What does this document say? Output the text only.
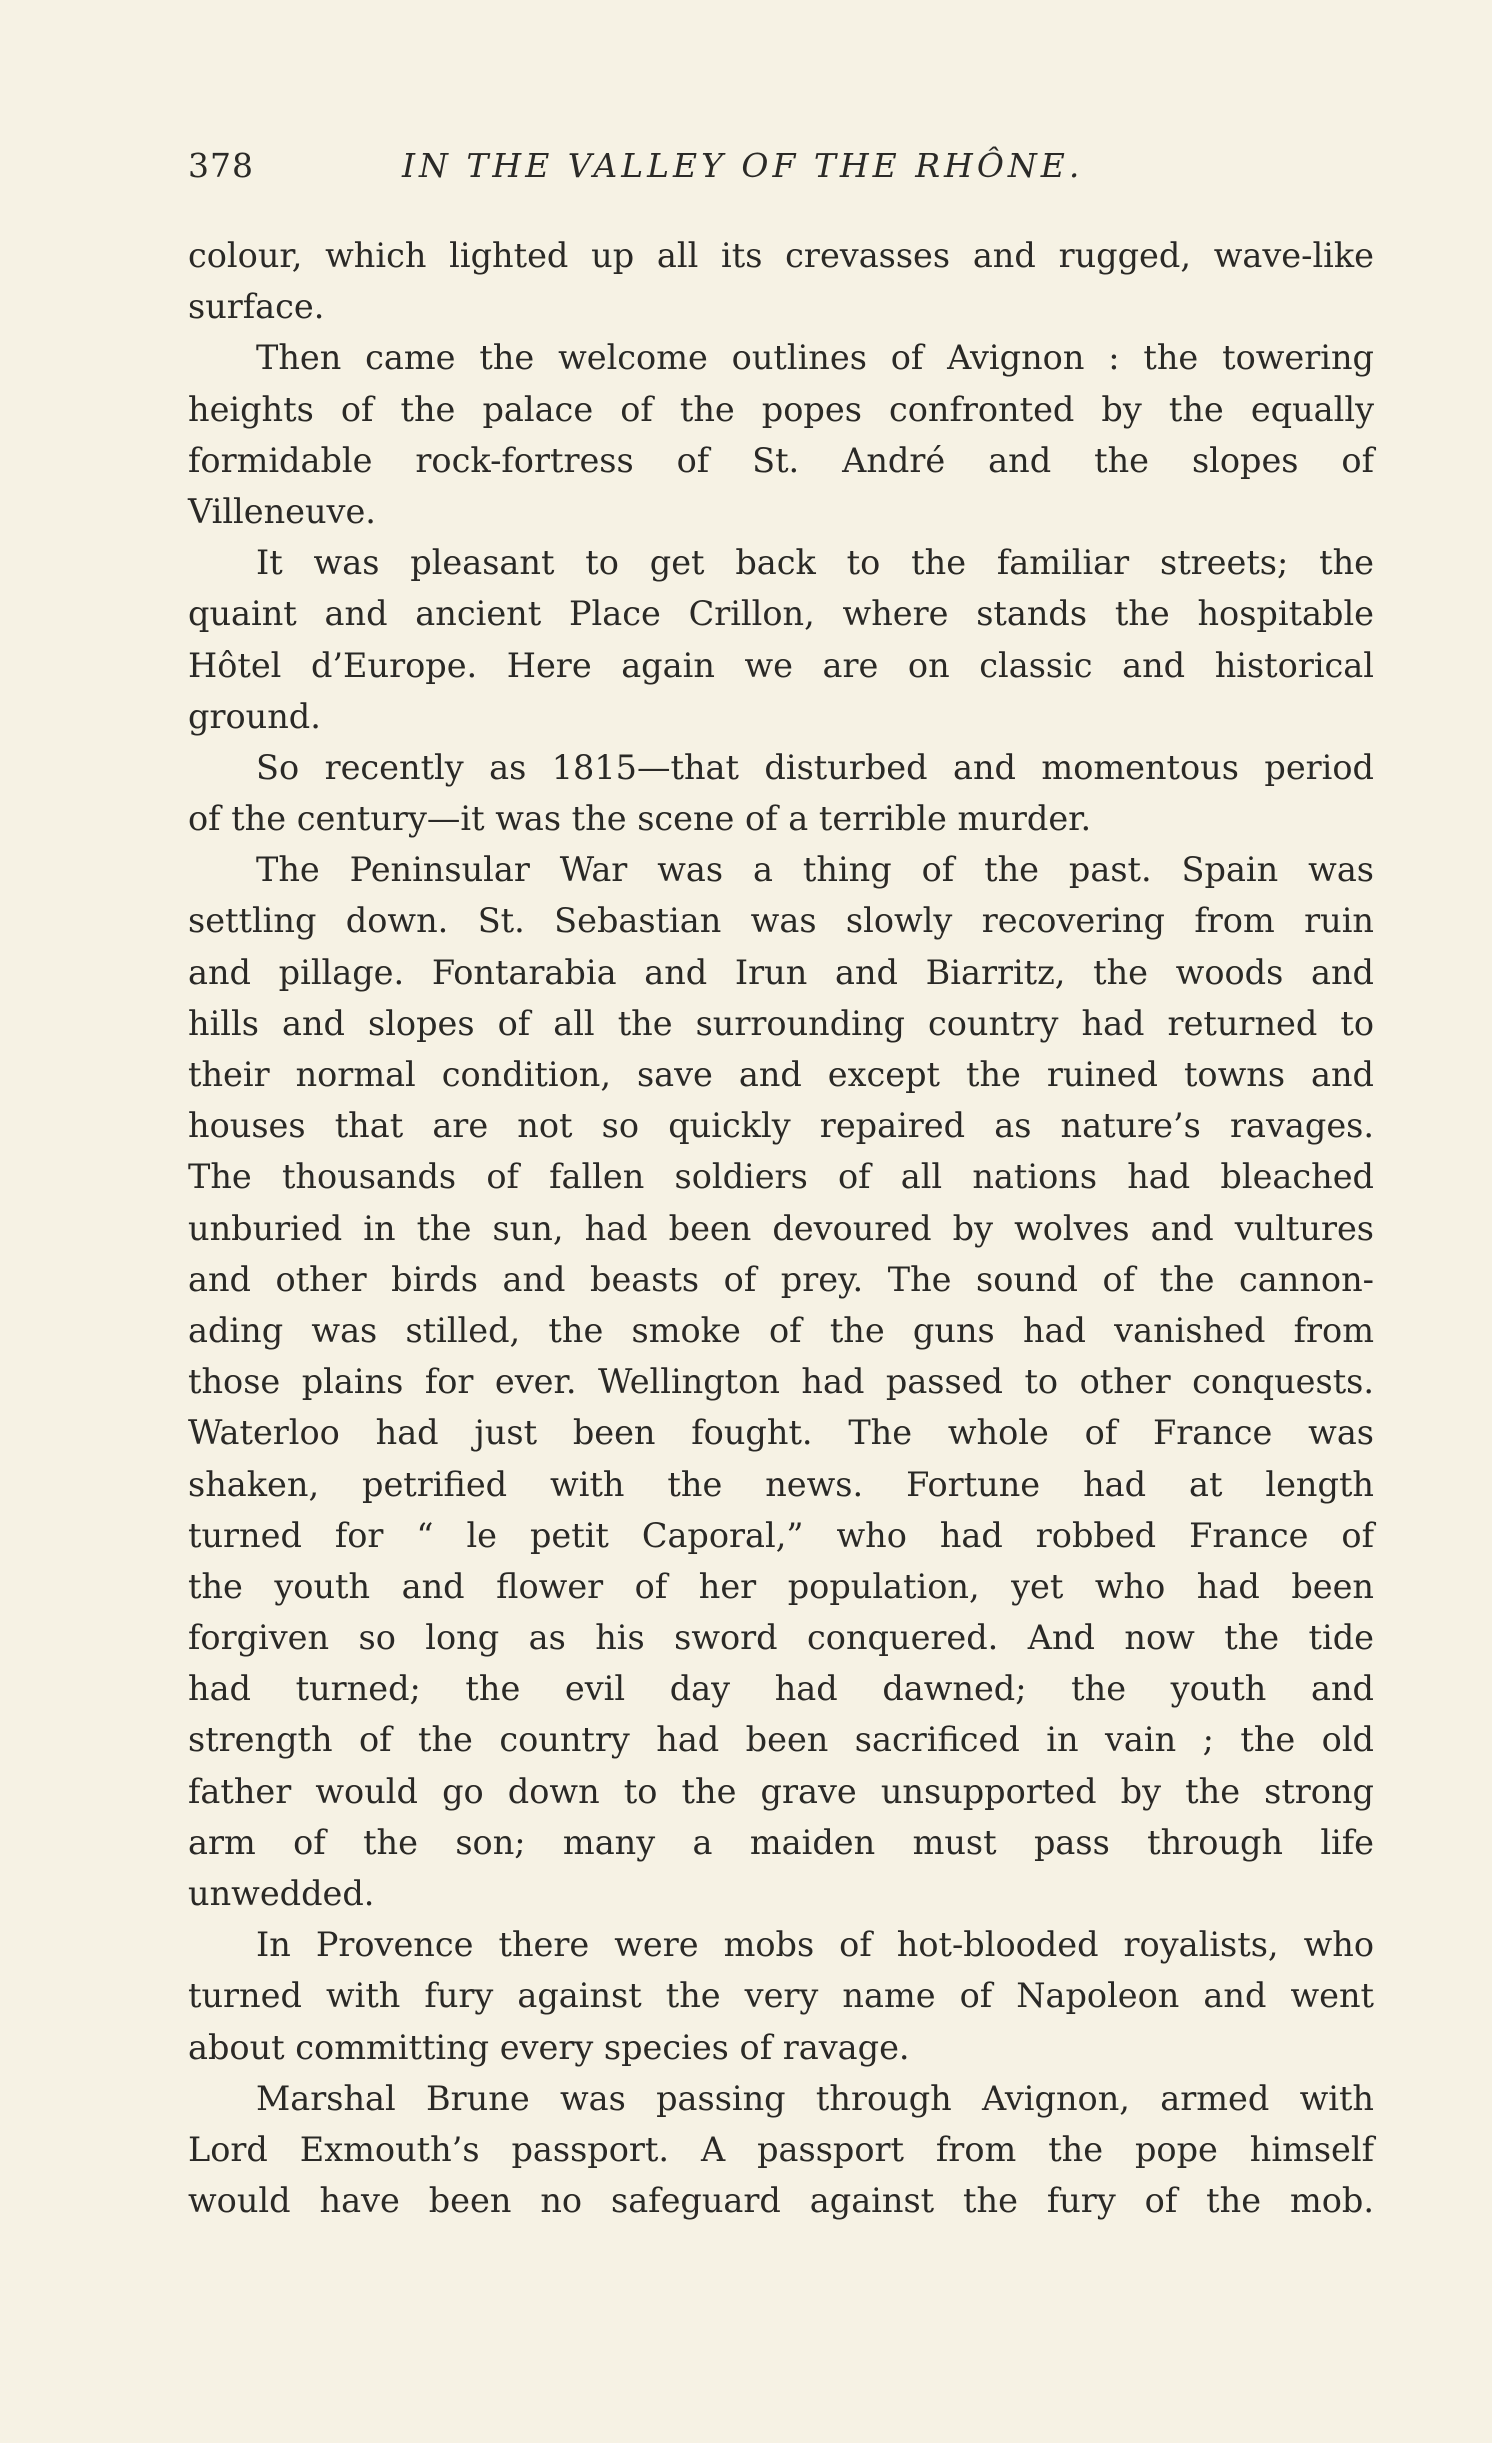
378	IN THE VALLEY OF THE RHÔNE.
colour, which lighted up all its crevasses and rugged, wave-like
surface.
Then came the welcome outlines of Avignon : the towering
heights of the palace of the popes confronted by the equally
formidable rock-fortress of St. André and the slopes of
Villeneuve.
It was pleasant to get back to the familiar streets; the
quaint and ancient Place Crillon, where stands the hospitable
Hôtel d’Europe. Here again we are on classic and historical
ground.
So recently as 1815—that disturbed and momentous period
of the century—it was the scene of a terrible murder.
The Peninsular War was a thing of the past. Spain was
settling down. St. Sebastian was slowly recovering from ruin
and pillage. Fontarabia and Irun and Biarritz, the woods and
hills and slopes of all the surrounding country had returned to
their normal condition, save and except the ruined towns and
houses that are not so quickly repaired as nature’s ravages.
The thousands of fallen soldiers of all nations had bleached
unburied in the sun, had been devoured by wolves and vultures
and other birds and beasts of prey. The sound of the cannon-
ading was stilled, the smoke of the guns had vanished from
those plains for ever. Wellington had passed to other conquests.
Waterloo had just been fought. The whole of France was
shaken, petrified with the news. Fortune had at length
turned for “ le petit Caporal,” who had robbed France of
the youth and flower of her population, yet who had been
forgiven so long as his sword conquered. And now the tide
had turned; the evil day had dawned; the youth and
strength of the country had been sacrificed in vain ; the old
father would go down to the grave unsupported by the strong
arm of the son; many a maiden must pass through life
unwedded.
In Provence there were mobs of hot-blooded royalists, who
turned with fury against the very name of Napoleon and went
about committing every species of ravage.
Marshal Brune was passing through Avignon, armed with
Lord Exmouth’s passport. A passport from the pope himself
would have been no safeguard against the fury of the mob.
